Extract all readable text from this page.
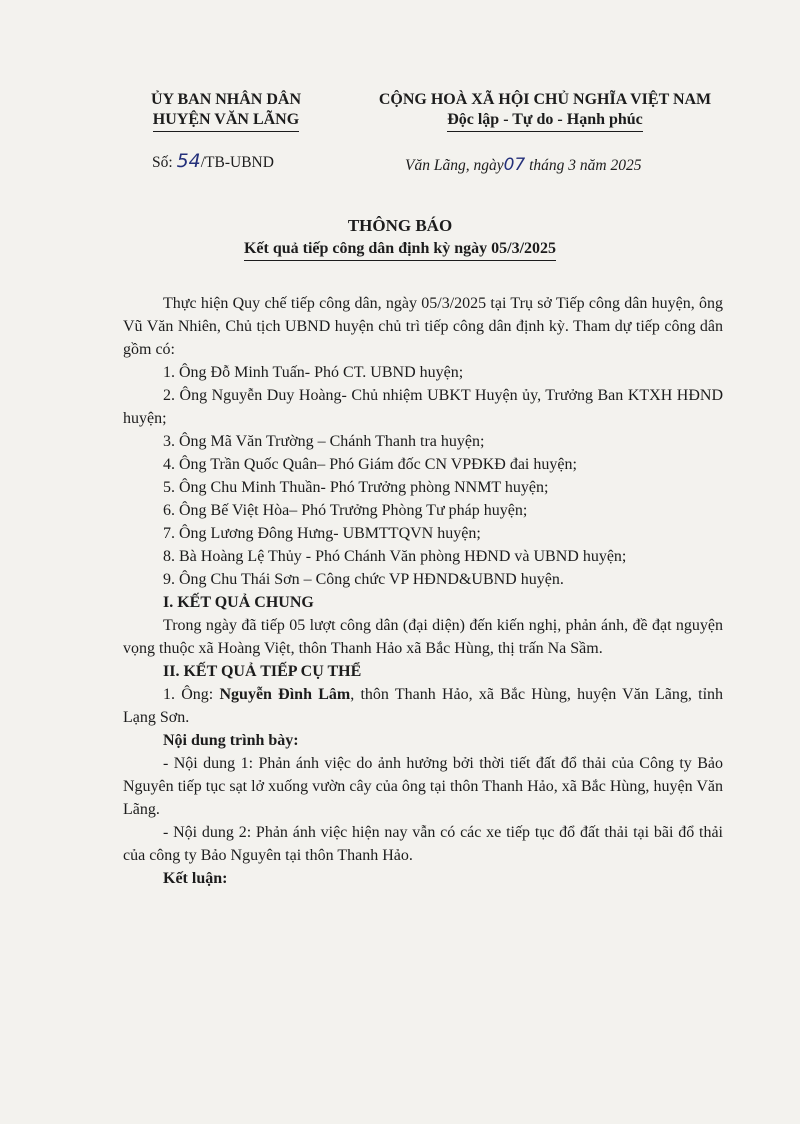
ỦY BAN NHÂN DÂN
HUYỆN VĂN LÃNG
CỘNG HOÀ XÃ HỘI CHỦ NGHĨA VIỆT NAM
Độc lập - Tự do - Hạnh phúc
Số: 54/TB-UBND	Văn Lãng, ngày07 tháng 3 năm 2025
THÔNG BÁO
Kết quả tiếp công dân định kỳ ngày 05/3/2025

Thực hiện Quy chế tiếp công dân, ngày 05/3/2025 tại Trụ sở Tiếp công dân huyện, ông Vũ Văn Nhiên, Chủ tịch UBND huyện chủ trì tiếp công dân định kỳ. Tham dự tiếp công dân gồm có:

1. Ông Đỗ Minh Tuấn- Phó CT. UBND huyện;

2. Ông Nguyễn Duy Hoàng- Chủ nhiệm UBKT Huyện ủy, Trưởng Ban KTXH HĐND huyện;

3. Ông Mã Văn Trường – Chánh Thanh tra huyện;

4. Ông Trần Quốc Quân– Phó Giám đốc CN VPĐKĐ đai huyện;

5. Ông Chu Minh Thuần- Phó Trưởng phòng NNMT huyện;

6. Ông Bế Việt Hòa– Phó Trưởng Phòng Tư pháp huyện;

7. Ông Lương Đông Hưng- UBMTTQVN huyện;

8. Bà Hoàng Lệ Thủy - Phó Chánh Văn phòng HĐND và UBND huyện;

9. Ông Chu Thái Sơn – Công chức VP HĐND&UBND huyện.

I. KẾT QUẢ CHUNG

Trong ngày đã tiếp 05 lượt công dân (đại diện) đến kiến nghị, phản ánh, đề đạt nguyện vọng thuộc xã Hoàng Việt, thôn Thanh Hảo xã Bắc Hùng, thị trấn Na Sầm.

II. KẾT QUẢ TIẾP CỤ THỂ

1. Ông: Nguyễn Đình Lâm, thôn Thanh Hảo, xã Bắc Hùng, huyện Văn Lãng, tỉnh Lạng Sơn.

Nội dung trình bày:

- Nội dung 1: Phản ánh việc do ảnh hưởng bởi thời tiết đất đổ thải của Công ty Bảo Nguyên tiếp tục sạt lở xuống vườn cây của ông tại thôn Thanh Hảo, xã Bắc Hùng, huyện Văn Lãng.

- Nội dung 2: Phản ánh việc hiện nay vẫn có các xe tiếp tục đổ đất thải tại bãi đổ thải của công ty Bảo Nguyên tại thôn Thanh Hảo.

Kết luận:
